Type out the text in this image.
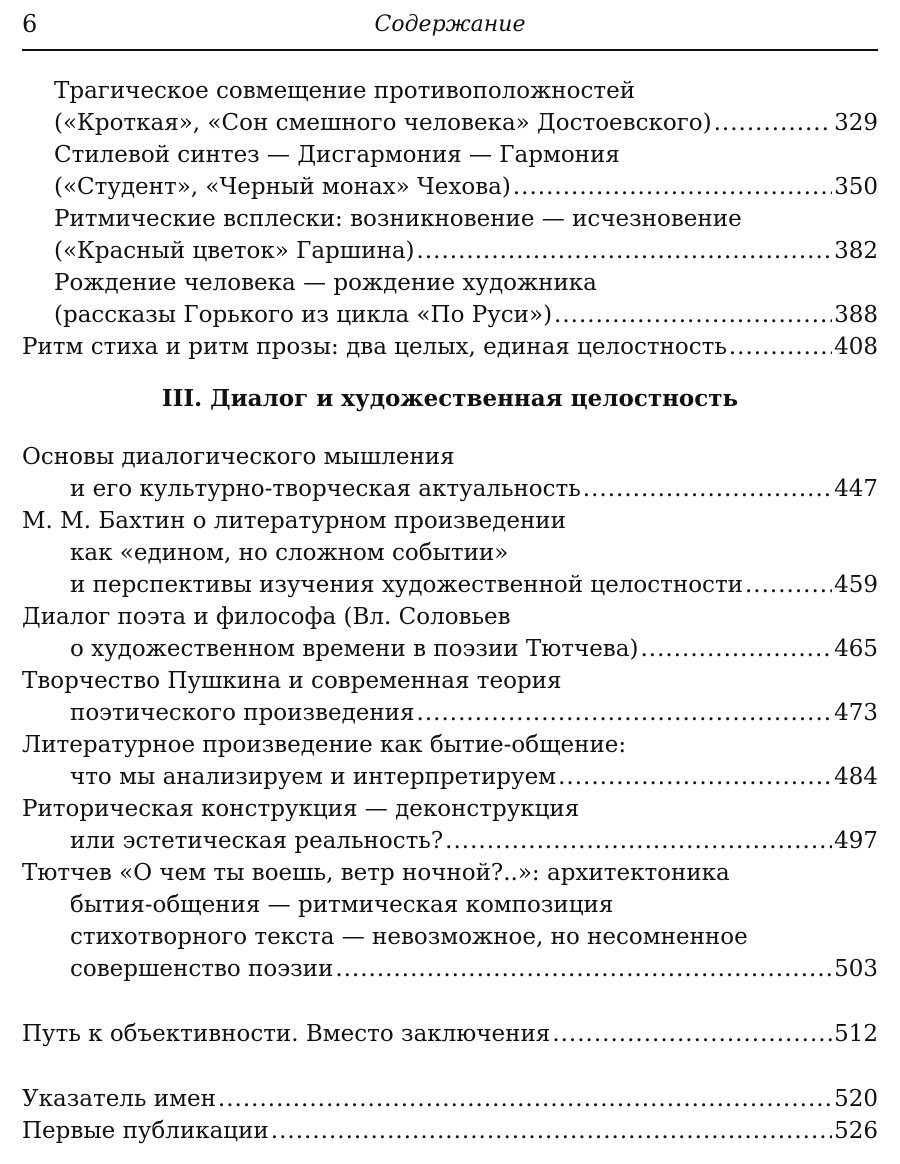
6	Содержание
Трагическое совмещение противоположностей
(«Кроткая», «Сон смешного человека» Достоевского) .....	329
Стилевой синтез — Дисгармония — Гармония
(«Студент», «Черный монах» Чехова) .....	350
Ритмические всплески: возникновение — исчезновение
(«Красный цветок» Гаршина) .....	382
Рождение человека — рождение художника
(рассказы Горького из цикла «По Руси») .....	388
Ритм стиха и ритм прозы: два целых, единая целостность .....	408
III. Диалог и художественная целостность
Основы диалогического мышления
и его культурно-творческая актуальность .....	447
М. М. Бахтин о литературном произведении
как «едином, но сложном событии»
и перспективы изучения художественной целостности .....	459
Диалог поэта и философа (Вл. Соловьев
о художественном времени в поэзии Тютчева) .....	465
Творчество Пушкина и современная теория
поэтического произведения .....	473
Литературное произведение как бытие-общение:
что мы анализируем и интерпретируем .....	484
Риторическая конструкция — деконструкция
или эстетическая реальность? .....	497
Тютчев «О чем ты воешь, ветр ночной?..»: архитектоника
бытия-общения — ритмическая композиция
стихотворного текста — невозможное, но несомненное
совершенство поэзии .....	503
Путь к объективности. Вместо заключения .....	512
Указатель имен .....	520
Первые публикации .....	526
